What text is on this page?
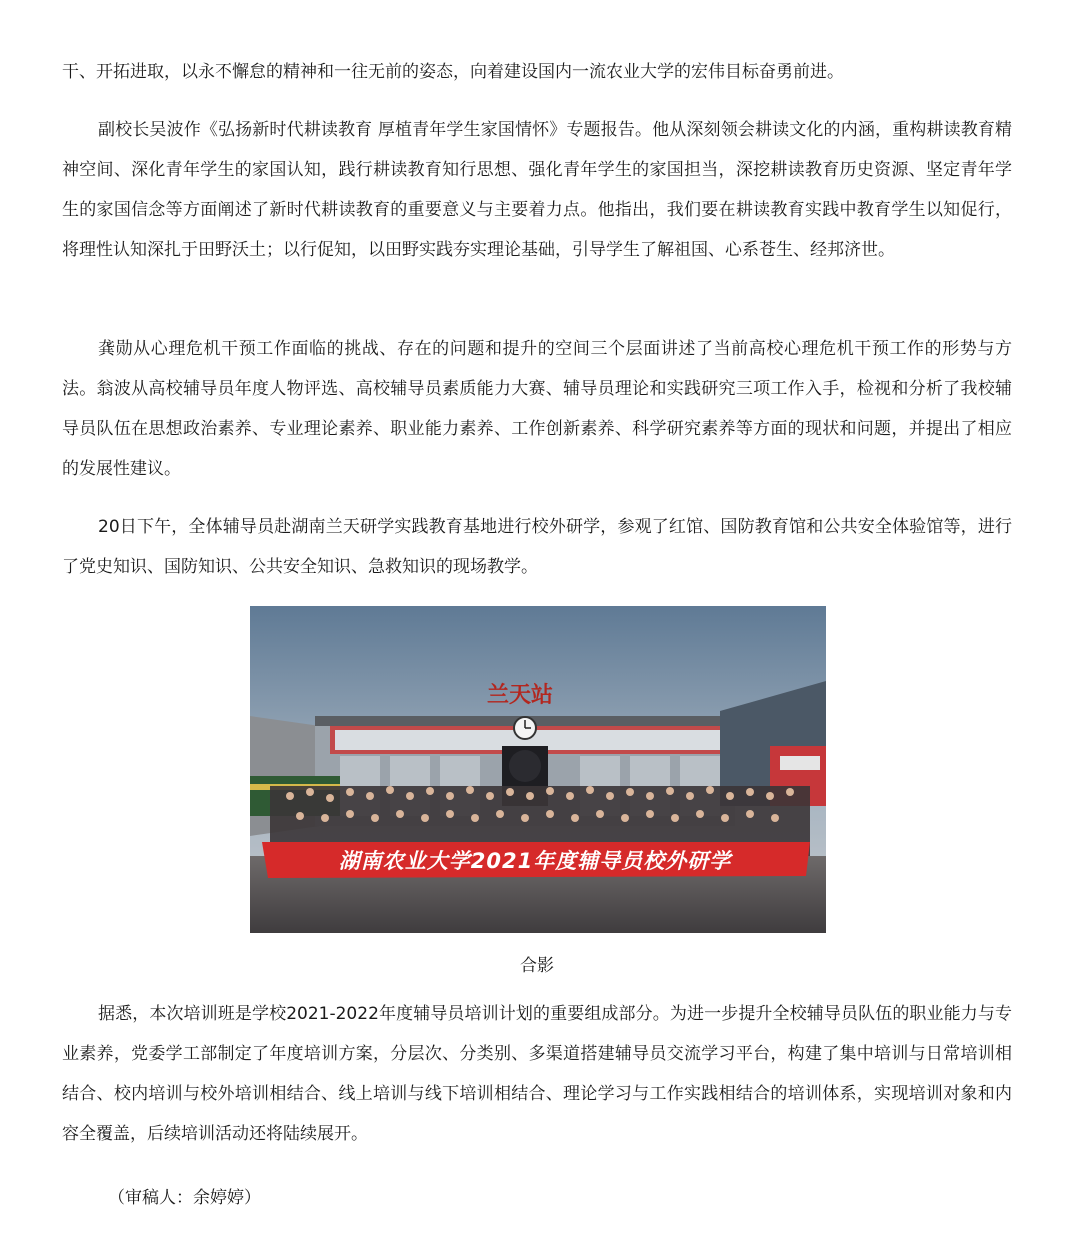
干、开拓进取，以永不懈怠的精神和一往无前的姿态，向着建设国内一流农业大学的宏伟目标奋勇前进。

副校长吴波作《弘扬新时代耕读教育 厚植青年学生家国情怀》专题报告。他从深刻领会耕读文化的内涵，重构耕读教育精神空间、深化青年学生的家国认知，践行耕读教育知行思想、强化青年学生的家国担当，深挖耕读教育历史资源、坚定青年学生的家国信念等方面阐述了新时代耕读教育的重要意义与主要着力点。他指出，我们要在耕读教育实践中教育学生以知促行，将理性认知深扎于田野沃土；以行促知，以田野实践夯实理论基础，引导学生了解祖国、心系苍生、经邦济世。

龚勋从心理危机干预工作面临的挑战、存在的问题和提升的空间三个层面讲述了当前高校心理危机干预工作的形势与方法。翁波从高校辅导员年度人物评选、高校辅导员素质能力大赛、辅导员理论和实践研究三项工作入手，检视和分析了我校辅导员队伍在思想政治素养、专业理论素养、职业能力素养、工作创新素养、科学研究素养等方面的现状和问题，并提出了相应的发展性建议。

20日下午，全体辅导员赴湖南兰天研学实践教育基地进行校外研学，参观了红馆、国防教育馆和公共安全体验馆等，进行了党史知识、国防知识、公共安全知识、急救知识的现场教学。

据悉，本次培训班是学校2021-2022年度辅导员培训计划的重要组成部分。为进一步提升全校辅导员队伍的职业能力与专业素养，党委学工部制定了年度培训方案，分层次、分类别、多渠道搭建辅导员交流学习平台，构建了集中培训与日常培训相结合、校内培训与校外培训相结合、线上培训与线下培训相结合、理论学习与工作实践相结合的培训体系，实现培训对象和内容全覆盖，后续培训活动还将陆续展开。

（审稿人：余婷婷）
兰天站
湖南农业大学2021年度辅导员校外研学
合影
